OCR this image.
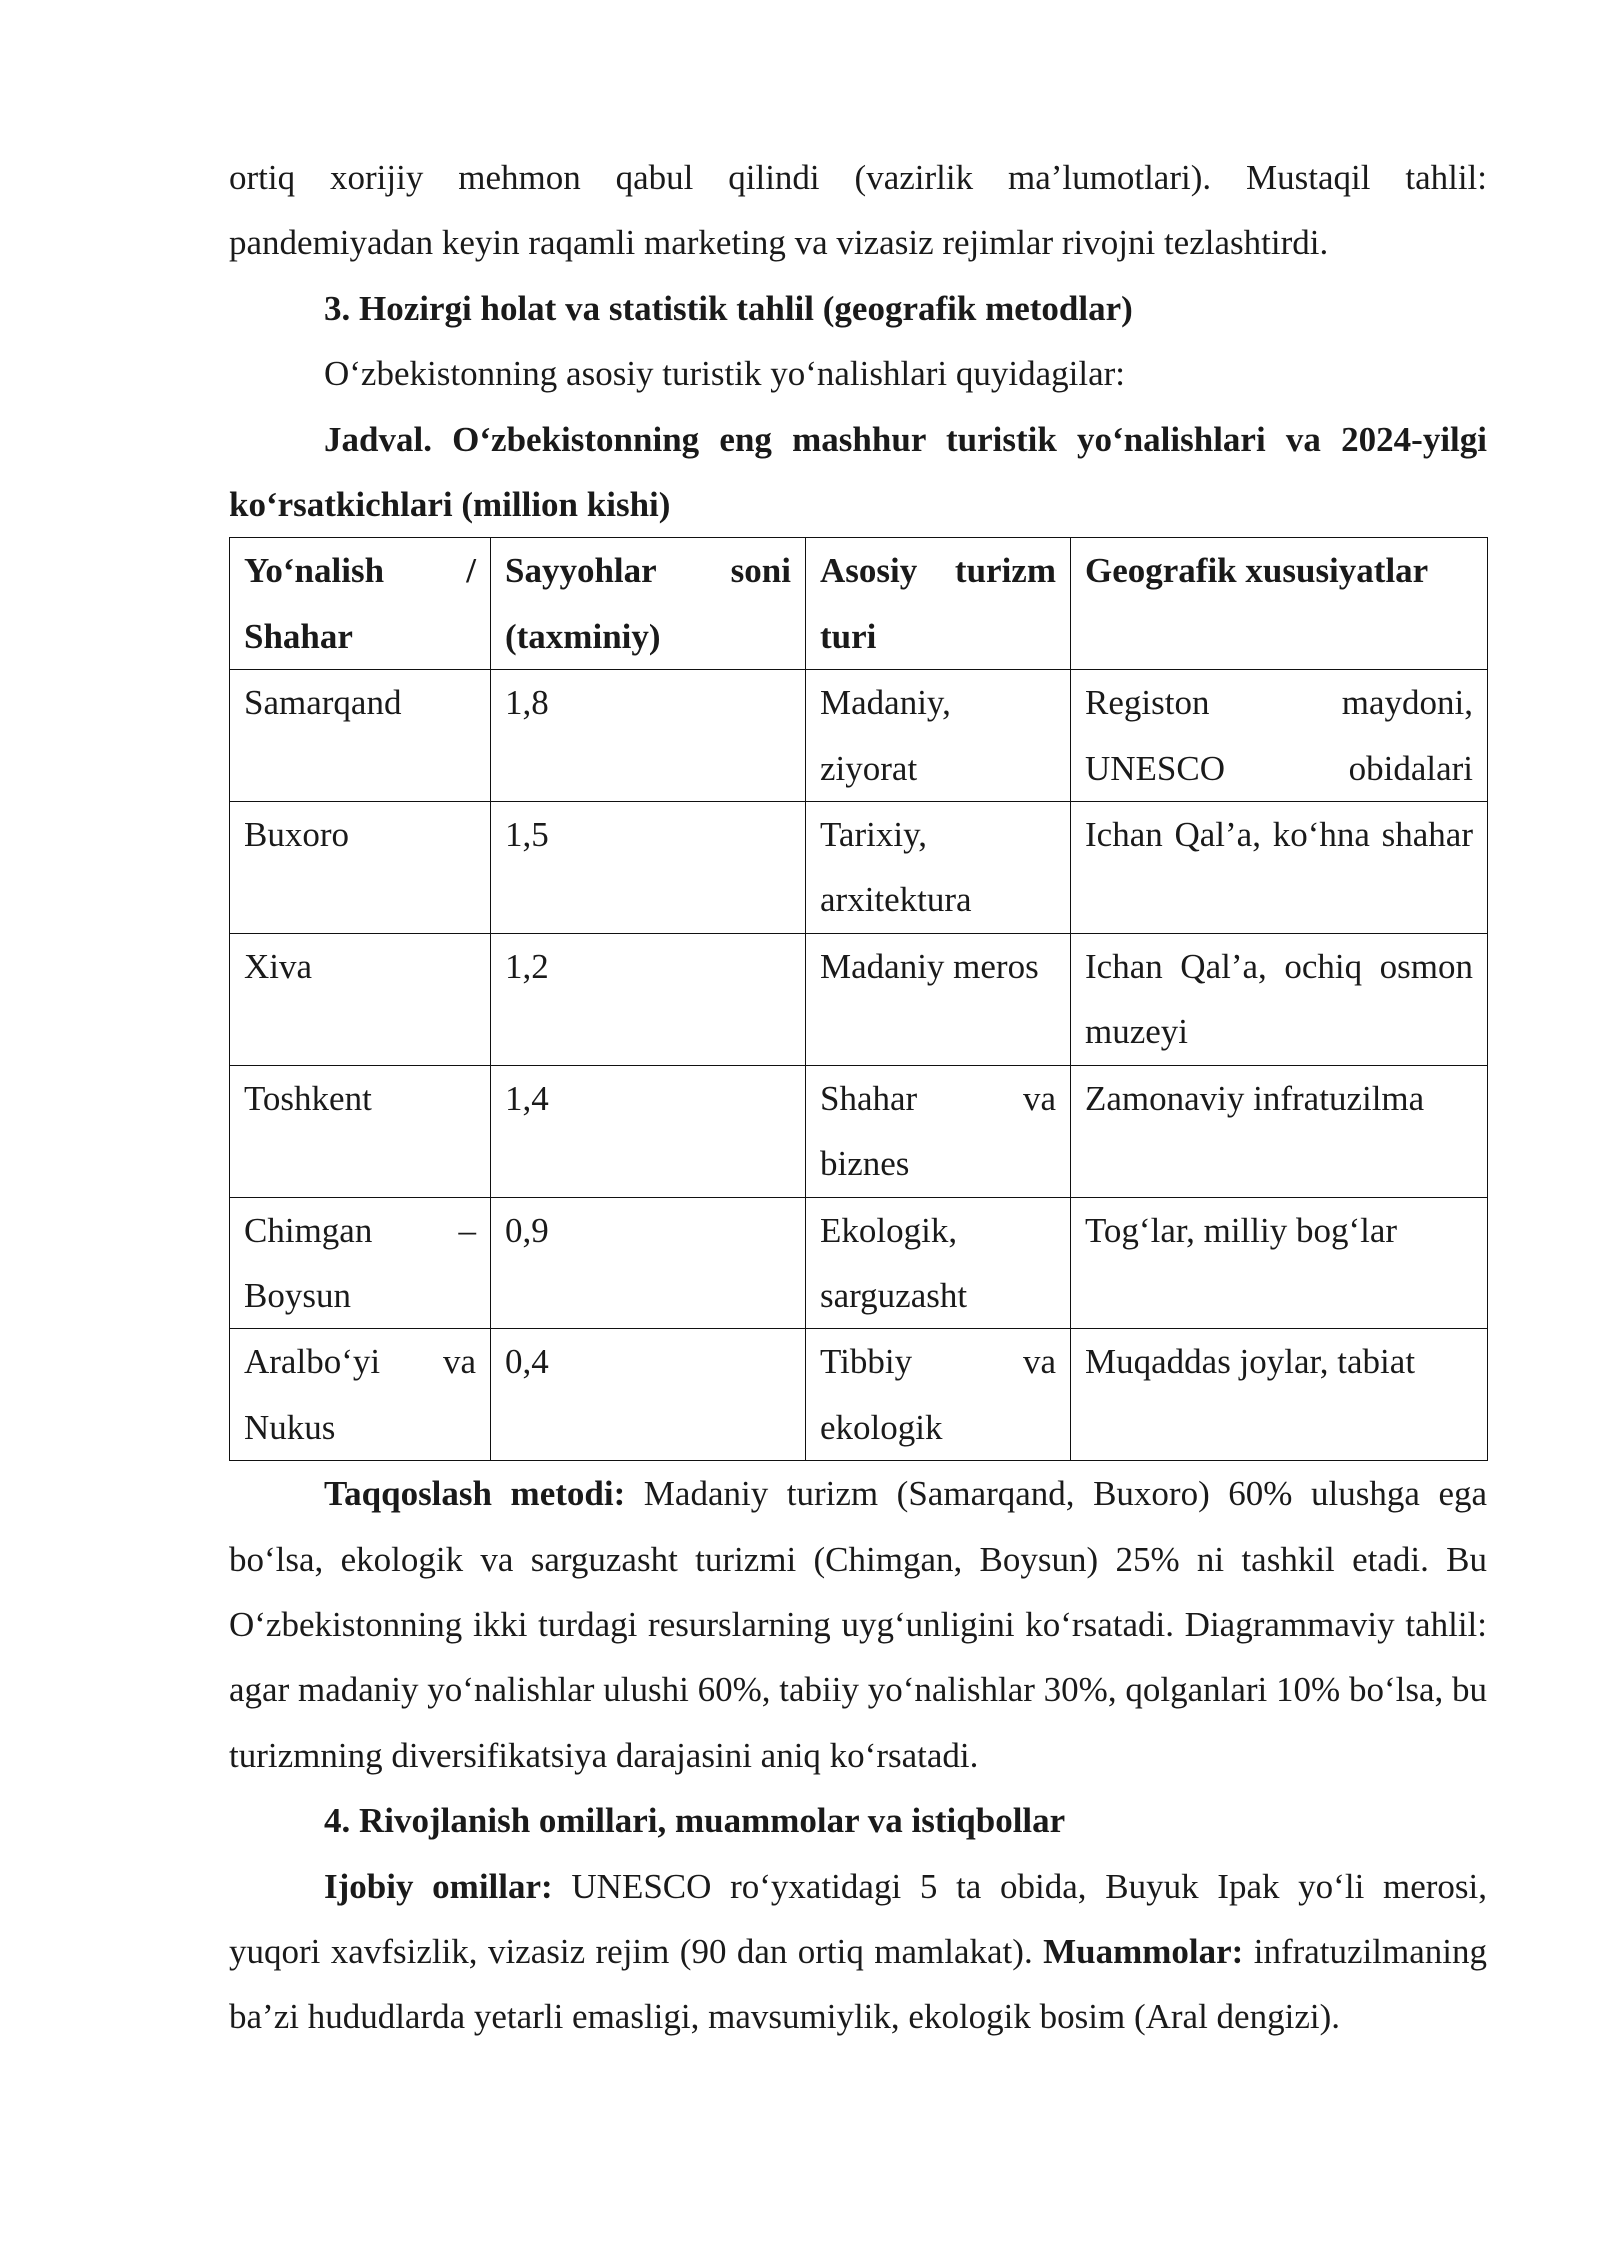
ortiq xorijiy mehmon qabul qilindi (vazirlik ma’lumotlari). Mustaqil tahlil: pandemiyadan keyin raqamli marketing va vizasiz rejimlar rivojni tezlashtirdi.

3. Hozirgi holat va statistik tahlil (geografik metodlar)

O‘zbekistonning asosiy turistik yo‘nalishlari quyidagilar:

Jadval. O‘zbekistonning eng mashhur turistik yo‘nalishlari va 2024-yilgi ko‘rsatkichlari (million kishi)

Yo‘nalish / Shahar	Sayyohlar soni (taxminiy)	Asosiy turizm turi	Geografik xususiyatlar
Samarqand	1,8	Madaniy, ziyorat	Registon maydoni, UNESCO obidalari
Buxoro	1,5	Tarixiy, arxitektura	Ichan Qal’a, ko‘hna shahar
Xiva	1,2	Madaniy meros	Ichan Qal’a, ochiq osmon muzeyi
Toshkent	1,4	Shahar va biznes	Zamonaviy infratuzilma
Chimgan – Boysun	0,9	Ekologik, sarguzasht	Tog‘lar, milliy bog‘lar
Aralbo‘yi va Nukus	0,4	Tibbiy va ekologik	Muqaddas joylar, tabiat

Taqqoslash metodi: Madaniy turizm (Samarqand, Buxoro) 60% ulushga ega bo‘lsa, ekologik va sarguzasht turizmi (Chimgan, Boysun) 25% ni tashkil etadi. Bu O‘zbekistonning ikki turdagi resurslarning uyg‘unligini ko‘rsatadi. Diagrammaviy tahlil: agar madaniy yo‘nalishlar ulushi 60%, tabiiy yo‘nalishlar 30%, qolganlari 10% bo‘lsa, bu turizmning diversifikatsiya darajasini aniq ko‘rsatadi.

4. Rivojlanish omillari, muammolar va istiqbollar

Ijobiy omillar: UNESCO ro‘yxatidagi 5 ta obida, Buyuk Ipak yo‘li merosi, yuqori xavfsizlik, vizasiz rejim (90 dan ortiq mamlakat). Muammolar: infratuzilmaning ba’zi hududlarda yetarli emasligi, mavsumiylik, ekologik bosim (Aral dengizi).
